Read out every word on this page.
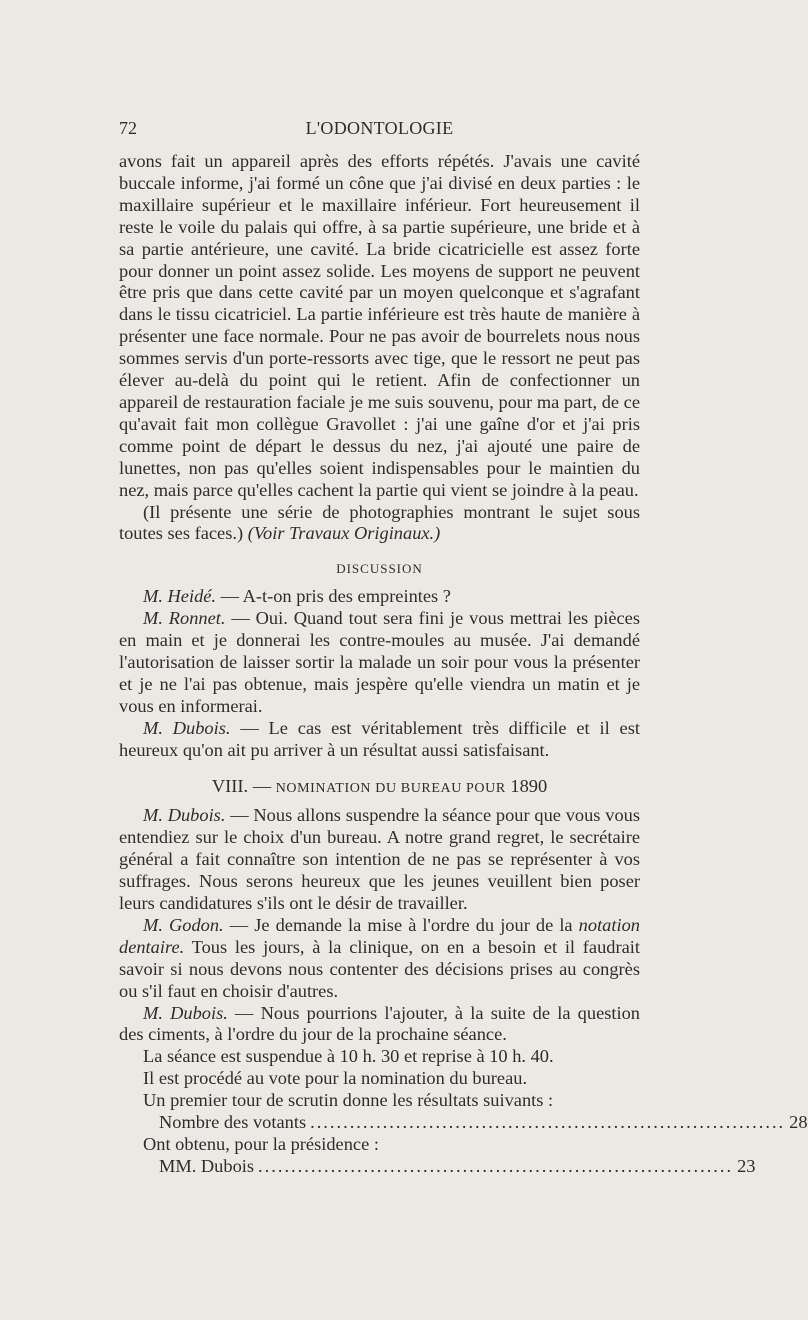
72	L'ODONTOLOGIE

avons fait un appareil après des efforts répétés. J'avais une cavité buccale informe, j'ai formé un cône que j'ai divisé en deux parties : le maxillaire supérieur et le maxillaire inférieur. Fort heureusement il reste le voile du palais qui offre, à sa partie supérieure, une bride et à sa partie antérieure, une cavité. La bride cicatricielle est assez forte pour donner un point assez solide. Les moyens de support ne peuvent être pris que dans cette cavité par un moyen quelconque et s'agrafant dans le tissu cicatriciel. La partie inférieure est très haute de manière à présenter une face normale. Pour ne pas avoir de bourrelets nous nous sommes servis d'un porte-ressorts avec tige, que le ressort ne peut pas élever au-delà du point qui le retient. Afin de confectionner un appareil de restauration faciale je me suis souvenu, pour ma part, de ce qu'avait fait mon collègue Gravollet : j'ai une gaîne d'or et j'ai pris comme point de départ le dessus du nez, j'ai ajouté une paire de lunettes, non pas qu'elles soient indispensables pour le maintien du nez, mais parce qu'elles cachent la partie qui vient se joindre à la peau.

(Il présente une série de photographies montrant le sujet sous toutes ses faces.) (Voir Travaux Originaux.)

DISCUSSION

M. Heidé. — A-t-on pris des empreintes ?

M. Ronnet. — Oui. Quand tout sera fini je vous mettrai les pièces en main et je donnerai les contre-moules au musée. J'ai demandé l'autorisation de laisser sortir la malade un soir pour vous la présenter et je ne l'ai pas obtenue, mais jespère qu'elle viendra un matin et je vous en informerai.

M. Dubois. — Le cas est véritablement très difficile et il est heureux qu'on ait pu arriver à un résultat aussi satisfaisant.

VIII. — NOMINATION DU BUREAU POUR 1890

M. Dubois. — Nous allons suspendre la séance pour que vous vous entendiez sur le choix d'un bureau. A notre grand regret, le secrétaire général a fait connaître son intention de ne pas se représenter à vos suffrages. Nous serons heureux que les jeunes veuillent bien poser leurs candidatures s'ils ont le désir de travailler.

M. Godon. — Je demande la mise à l'ordre du jour de la notation dentaire. Tous les jours, à la clinique, on en a besoin et il faudrait savoir si nous devons nous contenter des décisions prises au congrès ou s'il faut en choisir d'autres.

M. Dubois. — Nous pourrions l'ajouter, à la suite de la question des ciments, à l'ordre du jour de la prochaine séance.

La séance est suspendue à 10 h. 30 et reprise à 10 h. 40.

Il est procédé au vote pour la nomination du bureau.

Un premier tour de scrutin donne les résultats suivants :

Nombre des votants ........................................................................ 28

Ont obtenu, pour la présidence :

MM. Dubois ........................................................................ 23
